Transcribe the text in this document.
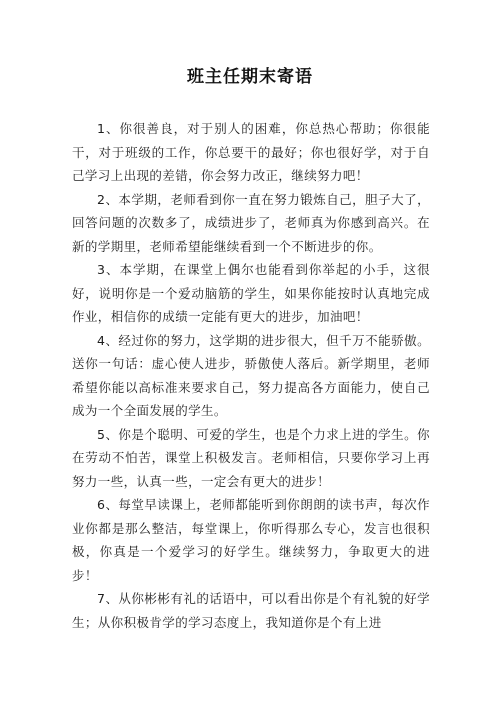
班主任期末寄语

1、你很善良，对于别人的困难，你总热心帮助；你很能干，对于班级的工作，你总要干的最好；你也很好学，对于自己学习上出现的差错，你会努力改正，继续努力吧！

2、本学期，老师看到你一直在努力锻炼自己，胆子大了，回答问题的次数多了，成绩进步了，老师真为你感到高兴。在新的学期里，老师希望能继续看到一个不断进步的你。

3、本学期，在课堂上偶尔也能看到你举起的小手，这很好，说明你是一个爱动脑筋的学生，如果你能按时认真地完成作业，相信你的成绩一定能有更大的进步，加油吧！

4、经过你的努力，这学期的进步很大，但千万不能骄傲。送你一句话：虚心使人进步，骄傲使人落后。新学期里，老师希望你能以高标准来要求自己，努力提高各方面能力，使自己成为一个全面发展的学生。

5、你是个聪明、可爱的学生，也是个力求上进的学生。你在劳动不怕苦，课堂上积极发言。老师相信，只要你学习上再努力一些，认真一些，一定会有更大的进步！

6、每堂早读课上，老师都能听到你朗朗的读书声，每次作业你都是那么整洁，每堂课上，你听得那么专心，发言也很积极，你真是一个爱学习的好学生。继续努力，争取更大的进步！

7、从你彬彬有礼的话语中，可以看出你是个有礼貌的好学生；从你积极肯学的学习态度上，我知道你是个有上进
